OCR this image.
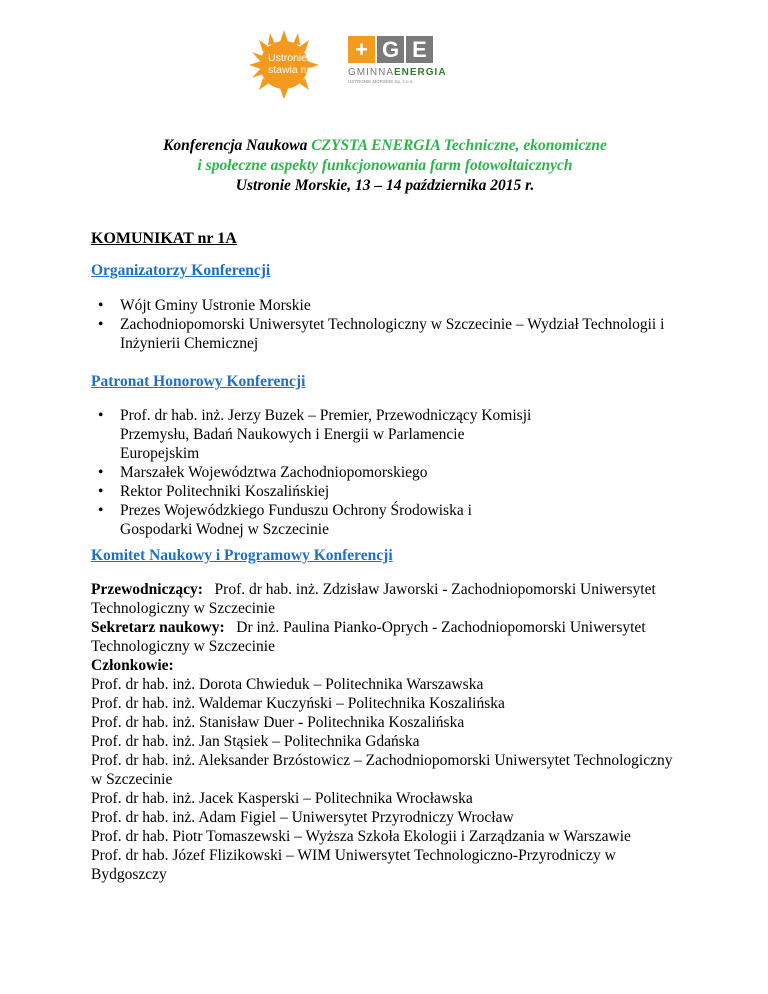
Ustronie Morskie
stawia na słońce
+ G E
GMINNAENERGIA
USTRONIE MORSKIE Sp. z o.o.
Konferencja Naukowa CZYSTA ENERGIA Techniczne, ekonomiczne
i społeczne aspekty funkcjonowania farm fotowoltaicznych
Ustronie Morskie, 13 – 14 października 2015 r.
KOMUNIKAT nr 1A
Organizatorzy Konferencji
• Wójt Gminy Ustronie Morskie
• Zachodniopomorski Uniwersytet Technologiczny w Szczecinie – Wydział Technologii i Inżynierii Chemicznej
Patronat Honorowy Konferencji
• Prof. dr hab. inż. Jerzy Buzek – Premier, Przewodniczący Komisji Przemysłu, Badań Naukowych i Energii w Parlamencie Europejskim
• Marszałek Województwa Zachodniopomorskiego
• Rektor Politechniki Koszalińskiej
• Prezes Wojewódzkiego Funduszu Ochrony Środowiska i Gospodarki Wodnej w Szczecinie
Komitet Naukowy i Programowy Konferencji
Przewodniczący: Prof. dr hab. inż. Zdzisław Jaworski - Zachodniopomorski Uniwersytet Technologiczny w Szczecinie
Sekretarz naukowy: Dr inż. Paulina Pianko-Oprych - Zachodniopomorski Uniwersytet Technologiczny w Szczecinie
Członkowie:
Prof. dr hab. inż. Dorota Chwieduk – Politechnika Warszawska
Prof. dr hab. inż. Waldemar Kuczyński – Politechnika Koszalińska
Prof. dr hab. inż. Stanisław Duer - Politechnika Koszalińska
Prof. dr hab. inż. Jan Stąsiek – Politechnika Gdańska
Prof. dr hab. inż. Aleksander Brzóstowicz – Zachodniopomorski Uniwersytet Technologiczny w Szczecinie
Prof. dr hab. inż. Jacek Kasperski – Politechnika Wrocławska
Prof. dr hab. inż. Adam Figiel – Uniwersytet Przyrodniczy Wrocław
Prof. dr hab. Piotr Tomaszewski – Wyższa Szkoła Ekologii i Zarządzania w Warszawie
Prof. dr hab. Józef Flizikowski – WIM Uniwersytet Technologiczno-Przyrodniczy w Bydgoszczy
